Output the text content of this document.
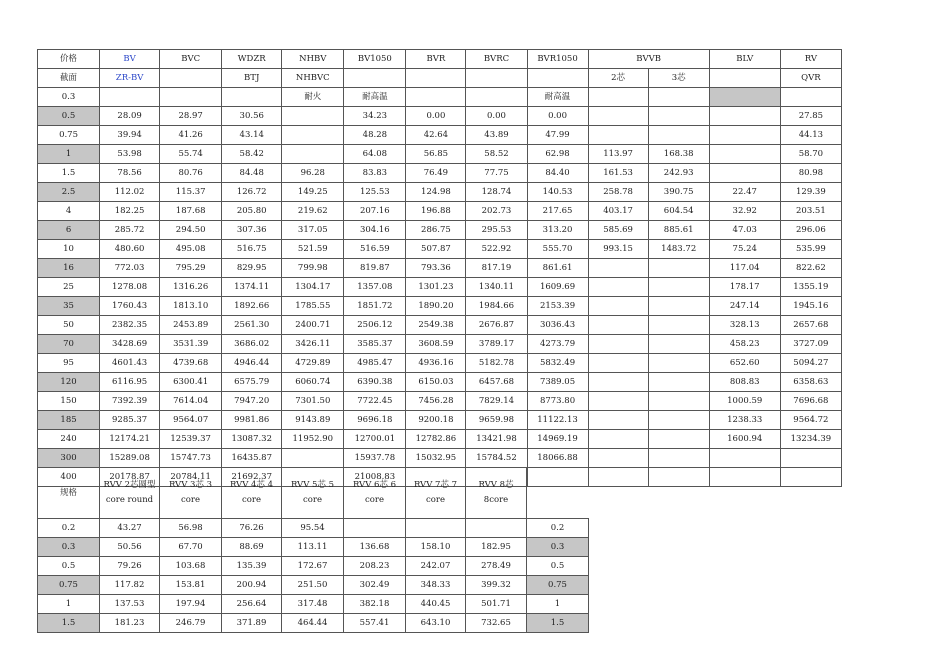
价格	BV	BVC	WDZR	NHBV	BV1050	BVR	BVRC	BVR1050	BVVB		BLV	RV
截面	ZR-BV		BTJ	NHBVC					2芯	3芯		QVR
0.3				耐火	耐高温			耐高温				
0.5	28.09	28.97	30.56		34.23	0.00	0.00	0.00				27.85
0.75	39.94	41.26	43.14		48.28	42.64	43.89	47.99				44.13
1	53.98	55.74	58.42		64.08	56.85	58.52	62.98	113.97	168.38		58.70
1.5	78.56	80.76	84.48	96.28	83.83	76.49	77.75	84.40	161.53	242.93		80.98
2.5	112.02	115.37	126.72	149.25	125.53	124.98	128.74	140.53	258.78	390.75	22.47	129.39
4	182.25	187.68	205.80	219.62	207.16	196.88	202.73	217.65	403.17	604.54	32.92	203.51
6	285.72	294.50	307.36	317.05	304.16	286.75	295.53	313.20	585.69	885.61	47.03	296.06
10	480.60	495.08	516.75	521.59	516.59	507.87	522.92	555.70	993.15	1483.72	75.24	535.99
16	772.03	795.29	829.95	799.98	819.87	793.36	817.19	861.61			117.04	822.62
25	1278.08	1316.26	1374.11	1304.17	1357.08	1301.23	1340.11	1609.69			178.17	1355.19
35	1760.43	1813.10	1892.66	1785.55	1851.72	1890.20	1984.66	2153.39			247.14	1945.16
50	2382.35	2453.89	2561.30	2400.71	2506.12	2549.38	2676.87	3036.43			328.13	2657.68
70	3428.69	3531.39	3686.02	3426.11	3585.37	3608.59	3789.17	4273.79			458.23	3727.09
95	4601.43	4739.68	4946.44	4729.89	4985.47	4936.16	5182.78	5832.49			652.60	5094.27
120	6116.95	6300.41	6575.79	6060.74	6390.38	6150.03	6457.68	7389.05			808.83	6358.63
150	7392.39	7614.04	7947.20	7301.50	7722.45	7456.28	7829.14	8773.80			1000.59	7696.68
185	9285.37	9564.07	9981.86	9143.89	9696.18	9200.18	9659.98	11122.13			1238.33	9564.72
240	12174.21	12539.37	13087.32	11952.90	12700.01	12782.86	13421.98	14969.19			1600.94	13234.39
300	15289.08	15747.73	16435.87		15937.78	15032.95	15784.52	18066.88				
400	20178.87	20784.11	21692.37		21008.83							
规格	RVV 2芯圆型 core round	RVV 3芯 3 core	RVV 4芯 4 core	RVV 5芯 5 core	RVV 6芯 6 core	RVV 7芯 7 core	RVV 8芯 8core	
0.2	43.27	56.98	76.26	95.54				0.2
0.3	50.56	67.70	88.69	113.11	136.68	158.10	182.95	0.3
0.5	79.26	103.68	135.39	172.67	208.23	242.07	278.49	0.5
0.75	117.82	153.81	200.94	251.50	302.49	348.33	399.32	0.75
1	137.53	197.94	256.64	317.48	382.18	440.45	501.71	1
1.5	181.23	246.79	371.89	464.44	557.41	643.10	732.65	1.5
